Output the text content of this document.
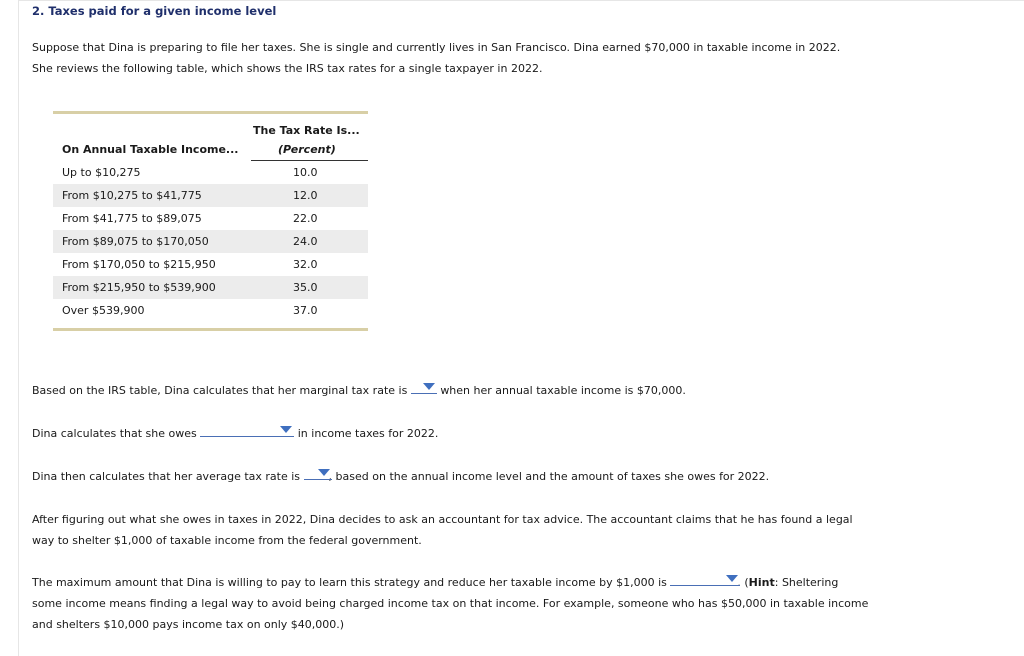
2. Taxes paid for a given income level
Suppose that Dina is preparing to file her taxes. She is single and currently lives in San Francisco. Dina earned $70,000 in taxable income in 2022.
She reviews the following table, which shows the IRS tax rates for a single taxpayer in 2022.
On Annual Taxable Income...
The Tax Rate Is...
(Percent)
Up to $10,275	10.0
From $10,275 to $41,775	12.0
From $41,775 to $89,075	22.0
From $89,075 to $170,050	24.0
From $170,050 to $215,950	32.0
From $215,950 to $539,900	35.0
Over $539,900	37.0
Based on the IRS table, Dina calculates that her marginal tax rate is	when her annual taxable income is $70,000.
Dina calculates that she owes	in income taxes for 2022.
Dina then calculates that her average tax rate is	, based on the annual income level and the amount of taxes she owes for 2022.
After figuring out what she owes in taxes in 2022, Dina decides to ask an accountant for tax advice. The accountant claims that he has found a legal
way to shelter $1,000 of taxable income from the federal government.
The maximum amount that Dina is willing to pay to learn this strategy and reduce her taxable income by $1,000 is	. (Hint: Sheltering
some income means finding a legal way to avoid being charged income tax on that income. For example, someone who has $50,000 in taxable income
and shelters $10,000 pays income tax on only $40,000.)
